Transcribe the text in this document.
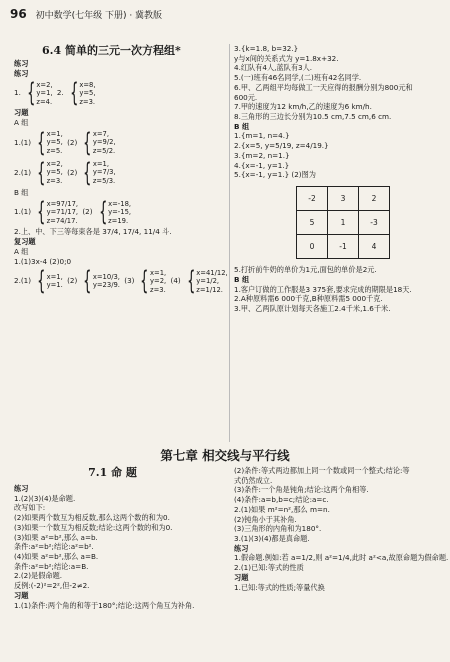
96 初中数学(七年级 下册) · 冀教版
6.4 简单的三元一次方程组*
练习
练习
1. { x=2,
y=1,
z=4.
2. { x=8,
y=5,
z=3.
习题
A 组
1.(1) { x=1,
y=5,
z=5.
(2) { x=7,
y=9/2,
z=5/2.
2.(1) { x=2,
y=5,
z=3.
(2) { x=1,
y=7/3,
z=5/3.
B 组
1.(1) { x=97/17,
y=71/17,
z=74/17.
(2) { x=-18,
y=-15,
z=19.
2.上、中、下三等每束各是 37/4, 17/4, 11/4 斗.
复习题
A 组
1.(1)3x-4 (2)0;0
2.(1) { x=1,
y=1. (2) { x=10/3,
y=23/9. (3) { x=1,
y=2,
z=3.
(4) { x=41/12,
y=1/2,
z=1/12.
3.{k=1.8, b=32.}
y与x间的关系式为 y=1.8x+32.
4.红队有4人,蓝队有3人.
5.(一)班有46名同学,(二)班有42名同学.
6.甲、乙两组平均每做工一天应得的报酬分别为800元和
600元.
7.甲的速度为12 km/h,乙的速度为6 km/h.
8.三角形的三边长分别为10.5 cm,7.5 cm,6 cm.
B 组
1.{m=1, n=4.}
2.{x=5, y=5/19, z=4/19.}
3.{m=2, n=1.}
4.{x=-1, y=1.}
5.{x=-1, y=1.} (2)图为
-2	3	2
5	1	-3
0	-1	4
5.打折前牛奶的单价为1元,面包的单价是2元.
B 组
1.客户订做的工作服是3 375套,要求完成的期限是18天.
2.A种原料需6 000千克,B种原料需5 000千克.
3.甲、乙两队原计划每天各施工2.4千米,1.6千米.
第七章 相交线与平行线
7.1 命 题
练习
1.(2)(3)(4)是命题.
改写如下:
(2)如果两个数互为相反数,那么这两个数的和为0.
(3)如果一个数互为相反数;结论:这两个数的和为0.
(3)如果 a²=b²,那么 a=b.
条件:a²=b²;结论:a²=b².
(4)如果 a²=b²,那么 a=B.
条件:a²=b²;结论:a=B.
2.(2)是假命题.
反例:(-2)²=2²,但-2≠2.
习题
1.(1)条件:两个角的和等于180°;结论:这两个角互为补角.
(2)条件:等式两边都加上同一个数或同一个整式;结论:等
式仍然成立.
(3)条件:一个角是钝角;结论:这两个角相等.
(4)条件:a=b,b=c;结论:a=c.
2.(1)如果 m²=n²,那么 m=n.
(2)钝角小于其补角.
(3)三角形的内角和为180°.
3.(1)(3)(4)都是真命题.
练习
1.假命题.例如:若 a=1/2,则 a²=1/4,此时 a²<a,故原命题为假命题.
2.(1)已知:等式的性质
习题
1.已知:等式的性质;等量代换
